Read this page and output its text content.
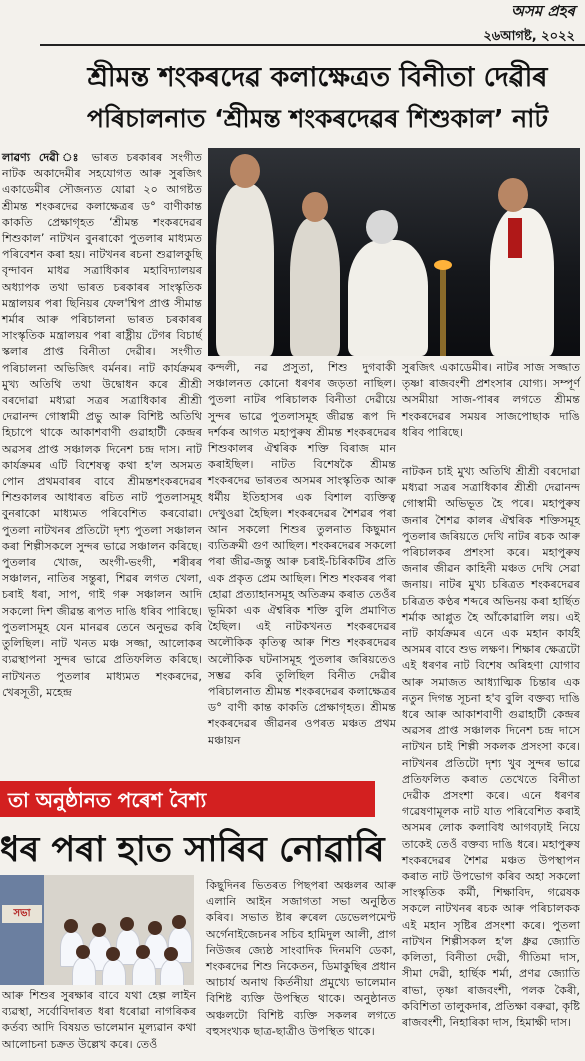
অসম প্ৰহৰ
২৬আগষ্ট, ২০২২
শ্ৰীমন্ত শংকৰদেৱ কলাক্ষেত্ৰত বিনীতা দেৱীৰ
পৰিচালনাত ‘শ্ৰীমন্ত শংকৰদেৱৰ শিশুকাল’ নাট

লাৱণ্য দেৱী ঃ ভাৰত চৰকাৰৰ সংগীত নাটক অকাদেমীৰ সহযোগত আৰু সুৰজিৎ একাডেমীৰ সৌজন্যত যোৱা ২০ আগষ্টত শ্ৰীমন্ত শংকৰদেৱ কলাক্ষেত্ৰৰ ড° বাণীকান্ত কাকতি প্ৰেক্ষাগৃহত ‘শ্ৰীমন্ত শংকৰদেৱৰ শিশুকাল’ নাটখন বুনৰাকো পুতলাৰ মাধ্যমত পৰিবেশন কৰা হয়। নাটখনৰ ৰচনা শুৱালকুছি বৃন্দাবন মাধৱ সত্ৰাধিকাৰ মহাবিদ্যালয়ৰ অধ্যাপক তথা ভাৰত চৰকাৰৰ সাংস্কৃতিক মন্ত্ৰালয়ৰ পৰা ছিনিয়ৰ ফেল'শ্বিপ প্ৰাপ্ত সীমান্ত শৰ্মাৰ আৰু পৰিচালনা ভাৰত চৰকাৰৰ সাংস্কৃতিক মন্ত্ৰালয়ৰ পৰা ৰাষ্ট্ৰীয় টেগৰ বিচাৰ্ছ স্কলাৰ প্ৰাপ্ত বিনীতা দেৱীৰ। সংগীত পৰিচালনা অভিজিৎ বৰ্মনৰ। নাট কাৰ্যক্ৰমৰ মুখ্য অতিথি তথা উদ্বোধন কৰে শ্ৰীশ্ৰী বৰদোৱা মধ্যৱা সত্ৰৰ সত্ৰাধিকাৰ শ্ৰীশ্ৰী দেৱানন্দ গোস্বামী প্ৰভু আৰু বিশিষ্ট অতিথি হিচাপে থাকে আকাশবাণী গুৱাহাটী কেন্দ্ৰৰ অৱসৰ প্ৰাপ্ত সঞ্চালক দিনেশ চন্দ্ৰ দাস। নাট কাৰ্যক্ৰমৰ এটি বিশেষত্ব কথা হ'ল অসমত পোন প্ৰথমবাৰৰ বাবে শ্ৰীমন্তশংকৰদেৱৰ শিশুকালৰ আধাৰত ৰচিত নাট পুতলাসমূহ বুনৰাকো মাধ্যমত পৰিবেশিত কৰবোৱা। পুতলা নাটখনৰ প্ৰতিটো দৃশ্য পুতলা সঞ্চালন কৰা শিল্পীসকলে সুন্দৰ ভাৱে সঞ্চালন কৰিছে। পুতলাৰ খোজ, অংগী-ভংগী, শৰীৰৰ সঞ্চালন, নাতিৰ সন্তুৰা, শিৱৰ লগত খেলা, চৰাই ধৰা, সাপ, গাই গৰু সঞ্চালন আদি সকলো দিশ জীৱন্ত ৰূপত দাঙি ধৰিব পাৰিছে। পুতলাসমূহ যেন মানৱৰ তেনে অনুভৱ কৰি তুলিছিল। নাট খনত মঞ্চ সজ্জা, আলোকৰ ব্যৱস্থাপনা সুন্দৰ ভাৱে প্ৰতিফলিত কৰিছে। নাটখনত পুতলাৰ মাধ্যমত শংকৰদেৱ, খেৰসূতী, মহেন্দ্ৰ

কন্দলী, নৱ প্ৰসুতা, শিশু দুগবাকী সঞ্চালনত কোনো ধৰণৰ জড়তা নাছিল। পুতলা নাটৰ পৰিচালক বিনীতা দেৱীয়ে সুন্দৰ ভাৱে পুতলাসমূহ জীৱন্ত ৰূপ দি দৰ্শকৰ আগত মহাপুৰুষ শ্ৰীমন্ত শংকৰদেৱৰ শিশুকালৰ ঐশ্বৰিক শক্তি বিৰাজ মান কৰাইছিল। নাটত বিশেষকৈ শ্ৰীমন্ত শংকৰদেৱ ভাৰতৰ অসমৰ সাংস্কৃতিক আৰু ধৰ্মীয় ইতিহাসৰ এক বিশাল ব্যক্তিত্ব দেখুওৱা হৈছিল। শংকৰদেৱৰ শৈশৱৰ পৰা আন সকলো শিশুৰ তুলনাত কিছুমান ব্যতিক্ৰমী গুণ আছিল। শংকৰদেৱৰ সকলো পৰা জীৱ-জন্তু আৰু চৰাই-চিৰিকটিৰ প্ৰতি এক প্ৰকৃত প্ৰেম আছিল। শিশু শংকৰৰ পৰা হোৱা প্ৰত্যাহানসমূহ অতিক্ৰম কৰাত তেওঁৰ ভূমিকা এক ঐশ্বৰিক শক্তি বুলি প্ৰমাণিত হৈছিল। এই নাটকখনত শংকৰদেৱৰ অলৌকিক কৃতিত্ব আৰু শিশু শংকৰদেৱৰ অলৌকিক ঘটনাসমূহ পুতলাৰ জৰিয়তেও সম্ভৱ কৰি তুলিছিল বিনীত দেৱীৰ পৰিচালনাত শ্ৰীমন্ত শংকৰদেৱৰ কলাক্ষেত্ৰৰ ড° বাণী কান্ত কাকতি প্ৰেক্ষাগৃহত। শ্ৰীমন্ত শংকৰদেৱৰ জীৱনৰ ওপৰত মঞ্চত প্ৰথম মঞ্চায়ন

সুৰজিৎ একাডেমীৰ। নাটৰ সাজ সজ্জাত তৃষ্ণা ৰাজবংশী প্ৰশংসাৰ যোগ্য। সম্পূৰ্ণ অসমীয়া সাজ-পাৰৰ লগতে শ্ৰীমন্ত শংকৰদেৱৰ সময়ৰ সাজপোছাক দাঙি ধৰিব পাৰিছে।

নাটকন চাই মুখ্য অতিথি শ্ৰীশ্ৰী বৰদোৱা মধ্যৱা সত্ৰৰ সত্ৰাধিকাৰ শ্ৰীশ্ৰী দেৱানন্দ গোস্বামী অভিভূত হৈ পৰে। মহাপুৰুষ জনাৰ শৈশৱ কালৰ ঐশ্বৰিক শক্তিসমূহ পুতলাৰ জৰিয়তে দেখি নাটৰ ৰচক আৰু পৰিচালকৰ প্ৰশংসা কৰে। মহাপুৰুষ জনাৰ জীৱন কাহিনী মঞ্চত দেখি সেৱা জনায়। নাটৰ মুখ্য চৰিত্ৰত শংকৰদেৱৰ চৰিত্ৰত কণ্ঠৰ শব্দৰে অভিনয় কৰা হাৰ্ছিত শৰ্মাক আপ্লুত হৈ আঁকোৱালি লয়। এই নাট কাৰ্যক্ৰমৰ এনে এক মহান কাৰ্যই অসমৰ বাবে শুভ লক্ষণ। শিক্ষাৰ ক্ষেত্ৰটো এই ধৰণৰ নাট বিশেষ অৰিহণা যোগাব আৰু সমাজত আধ্যাত্মিক চিন্তাৰ এক নতুন দিগন্ত সূচনা হ'ব বুলি বক্তব্য দাঙি ধৰে আৰু আকাশবাণী গুৱাহাটী কেন্দ্ৰৰ অৱসৰ প্ৰাপ্ত সঞ্চালক দিনেশ চন্দ্ৰ দাসে নাটখন চাই শিল্পী সকলক প্ৰসংসা কৰে। নাটখনৰ প্ৰতিটো দৃশ্য খুব সুন্দৰ ভাৱে প্ৰতিফলিত কৰাত তেখেতে বিনীতা দেৱীক প্ৰসংশা কৰে। এনে ধৰণৰ গৱেষণামূলক নাট যাত পৰিবেশিত কৰাই অসমৰ লোক কলাবিধ আগবঢ়াই নিয়ে তাকেই তেওঁ বক্তব্য দাঙি ধৰে। মহাপুৰুষ শংকৰদেৱৰ শৈশৱ মঞ্চত উপস্থাপন কৰাত নাট উপভোগ কৰিব অহা সকলো সাংস্কৃতিক কৰ্মী, শিক্ষাবিদ, গৱেষক সকলে নাটখনৰ ৰচক আৰু পৰিচালকক এই মহান সৃষ্টিৰ প্ৰসংশা কৰে। পুতলা নাটখন শিল্পীসকল হ'ল ধ্ৰুৱ জ্যোতি কলিতা, বিনীতা দেৱী, গীতিমা দাস, সীমা দেৱী, হাৰ্ছিক শৰ্মা, প্ৰণৱ জ্যোতি ৰাভা, তৃষ্ণা ৰাজবংশী, পলক কৈৰী, কবিশিতা তালুকদাৰ, প্ৰতিক্ষা বৰুৱা, কৃষ্টি ৰাজবংশী, নিহাৰিকা দাস, হিমাক্ষী দাস।

তা অনুষ্ঠানত পৰেশ বৈশ্য
ধৰ পৰা হাত সাৰিব নোৱাৰি
সভা

আৰু শিশুৰ সুৰক্ষাৰ বাবে যথা হেল্প লাইন ব্যৱস্থা, সৰ্বোবিদাৰত ধৰা ধৰোৱা নাগৰিকৰ কৰ্তব্য আদি বিষয়ত ভালেমান মূল্যৱান কথা আলোচনা চক্ৰত উল্লেখ কৰে। তেওঁ

কিছুদিনৰ ভিতৰত পিছপৰা অঞ্চলৰ আৰু এলানি আইন সজাগতা সভা অনুষ্ঠিত কৰিব। সভাত ষ্টাৰ ৰুৰেল ডেভেলপমেণ্ট অৰ্গেনাইজেচনৰ সচিব হামিদুল আলী, প্ৰাগ নিউজৰ জ্যেষ্ঠ সাংবাদিক দিনমণি ডেকা, শংকৰদেৱ শিশু নিকেতন, ডিমাকুছিৰ প্ৰধান আচাৰ্য অনাথ কিৰ্তনীয়া প্ৰমুখ্যে ভালেমান বিশিষ্ট ব্যক্তি উপস্থিত থাকে। অনুষ্ঠানত অঞ্চলটো বিশিষ্ট ব্যক্তি সকলৰ লগতে বহুসংখ্যক ছাত্ৰ-ছাত্ৰীও উপস্থিত থাকে।
